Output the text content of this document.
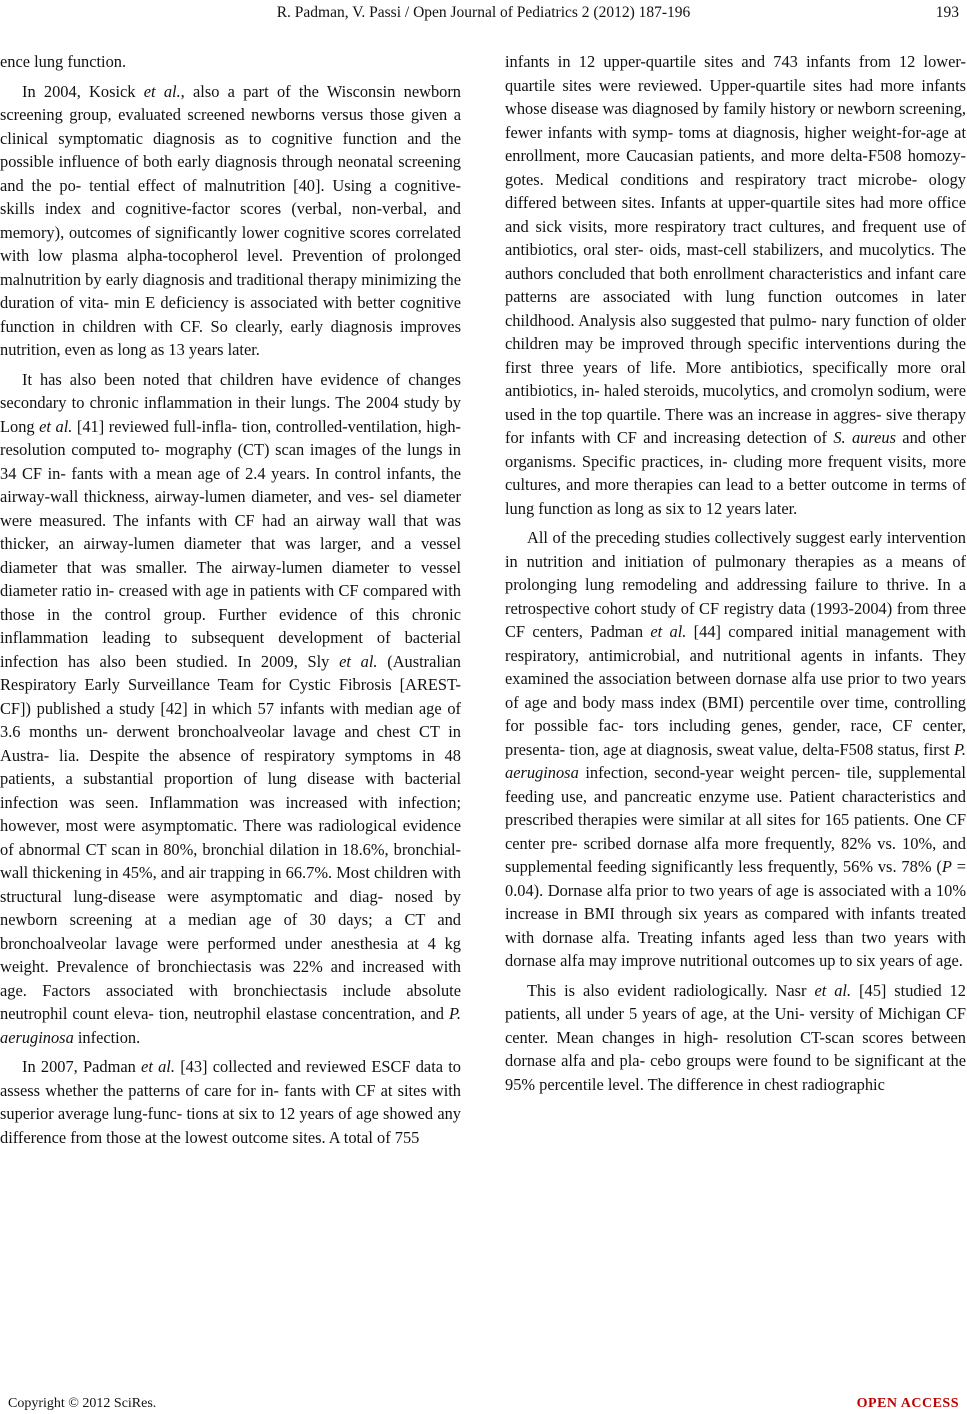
R. Padman, V. Passi / Open Journal of Pediatrics 2 (2012) 187-196	193

ence lung function.

In 2004, Kosick et al., also a part of the Wisconsin newborn screening group, evaluated screened newborns versus those given a clinical symptomatic diagnosis as to cognitive function and the possible influence of both early diagnosis through neonatal screening and the po- tential effect of malnutrition [40]. Using a cognitive- skills index and cognitive-factor scores (verbal, non-verbal, and memory), outcomes of significantly lower cognitive scores correlated with low plasma alpha-tocopherol level. Prevention of prolonged malnutrition by early diagnosis and traditional therapy minimizing the duration of vita- min E deficiency is associated with better cognitive function in children with CF. So clearly, early diagnosis improves nutrition, even as long as 13 years later.

It has also been noted that children have evidence of changes secondary to chronic inflammation in their lungs. The 2004 study by Long et al. [41] reviewed full-infla- tion, controlled-ventilation, high-resolution computed to- mography (CT) scan images of the lungs in 34 CF in- fants with a mean age of 2.4 years. In control infants, the airway-wall thickness, airway-lumen diameter, and ves- sel diameter were measured. The infants with CF had an airway wall that was thicker, an airway-lumen diameter that was larger, and a vessel diameter that was smaller. The airway-lumen diameter to vessel diameter ratio in- creased with age in patients with CF compared with those in the control group. Further evidence of this chronic inflammation leading to subsequent development of bacterial infection has also been studied. In 2009, Sly et al. (Australian Respiratory Early Surveillance Team for Cystic Fibrosis [AREST-CF]) published a study [42] in which 57 infants with median age of 3.6 months un- derwent bronchoalveolar lavage and chest CT in Austra- lia. Despite the absence of respiratory symptoms in 48 patients, a substantial proportion of lung disease with bacterial infection was seen. Inflammation was increased with infection; however, most were asymptomatic. There was radiological evidence of abnormal CT scan in 80%, bronchial dilation in 18.6%, bronchial-wall thickening in 45%, and air trapping in 66.7%. Most children with structural lung-disease were asymptomatic and diag- nosed by newborn screening at a median age of 30 days; a CT and bronchoalveolar lavage were performed under anesthesia at 4 kg weight. Prevalence of bronchiectasis was 22% and increased with age. Factors associated with bronchiectasis include absolute neutrophil count eleva- tion, neutrophil elastase concentration, and P. aeruginosa infection.

In 2007, Padman et al. [43] collected and reviewed ESCF data to assess whether the patterns of care for in- fants with CF at sites with superior average lung-func- tions at six to 12 years of age showed any difference from those at the lowest outcome sites. A total of 755

infants in 12 upper-quartile sites and 743 infants from 12 lower-quartile sites were reviewed. Upper-quartile sites had more infants whose disease was diagnosed by family history or newborn screening, fewer infants with symp- toms at diagnosis, higher weight-for-age at enrollment, more Caucasian patients, and more delta-F508 homozy- gotes. Medical conditions and respiratory tract microbe- ology differed between sites. Infants at upper-quartile sites had more office and sick visits, more respiratory tract cultures, and frequent use of antibiotics, oral ster- oids, mast-cell stabilizers, and mucolytics. The authors concluded that both enrollment characteristics and infant care patterns are associated with lung function outcomes in later childhood. Analysis also suggested that pulmo- nary function of older children may be improved through specific interventions during the first three years of life. More antibiotics, specifically more oral antibiotics, in- haled steroids, mucolytics, and cromolyn sodium, were used in the top quartile. There was an increase in aggres- sive therapy for infants with CF and increasing detection of S. aureus and other organisms. Specific practices, in- cluding more frequent visits, more cultures, and more therapies can lead to a better outcome in terms of lung function as long as six to 12 years later.

All of the preceding studies collectively suggest early intervention in nutrition and initiation of pulmonary therapies as a means of prolonging lung remodeling and addressing failure to thrive. In a retrospective cohort study of CF registry data (1993-2004) from three CF centers, Padman et al. [44] compared initial management with respiratory, antimicrobial, and nutritional agents in infants. They examined the association between dornase alfa use prior to two years of age and body mass index (BMI) percentile over time, controlling for possible fac- tors including genes, gender, race, CF center, presenta- tion, age at diagnosis, sweat value, delta-F508 status, first P. aeruginosa infection, second-year weight percen- tile, supplemental feeding use, and pancreatic enzyme use. Patient characteristics and prescribed therapies were similar at all sites for 165 patients. One CF center pre- scribed dornase alfa more frequently, 82% vs. 10%, and supplemental feeding significantly less frequently, 56% vs. 78% (P = 0.04). Dornase alfa prior to two years of age is associated with a 10% increase in BMI through six years as compared with infants treated with dornase alfa. Treating infants aged less than two years with dornase alfa may improve nutritional outcomes up to six years of age.

This is also evident radiologically. Nasr et al. [45] studied 12 patients, all under 5 years of age, at the Uni- versity of Michigan CF center. Mean changes in high- resolution CT-scan scores between dornase alfa and pla- cebo groups were found to be significant at the 95% percentile level. The difference in chest radiographic

Copyright © 2012 SciRes.	OPEN ACCESS
